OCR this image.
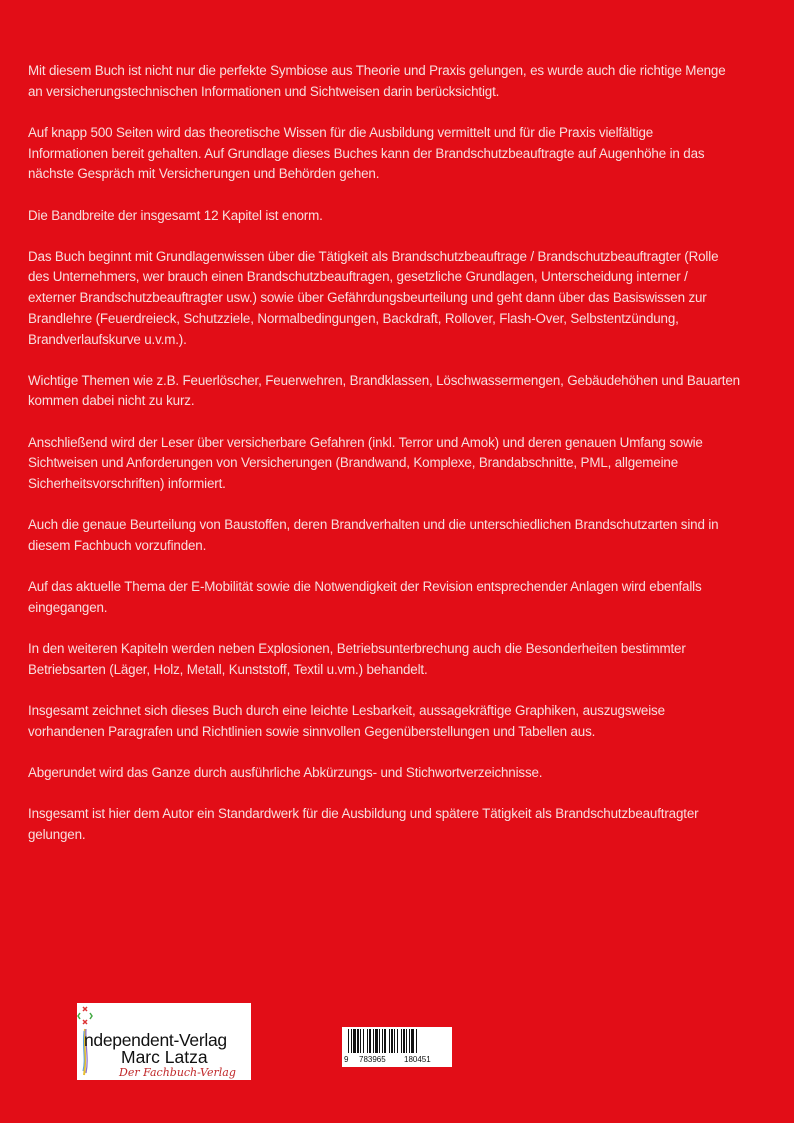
Mit diesem Buch ist nicht nur die perfekte Symbiose aus Theorie und Praxis gelungen, es wurde auch die richtige Menge
an versicherungstechnischen Informationen und Sichtweisen darin berücksichtigt.

Auf knapp 500 Seiten wird das theoretische Wissen für die Ausbildung vermittelt und für die Praxis vielfältige
Informationen bereit gehalten. Auf Grundlage dieses Buches kann der Brandschutzbeauftragte auf Augenhöhe in das
nächste Gespräch mit Versicherungen und Behörden gehen.

Die Bandbreite der insgesamt 12 Kapitel ist enorm.

Das Buch beginnt mit Grundlagenwissen über die Tätigkeit als Brandschutzbeauftrage / Brandschutzbeauftragter (Rolle
des Unternehmers, wer brauch einen Brandschutzbeauftragen, gesetzliche Grundlagen, Unterscheidung interner /
externer Brandschutzbeauftragter usw.) sowie über Gefährdungsbeurteilung und geht dann über das Basiswissen zur
Brandlehre (Feuerdreieck, Schutzziele, Normalbedingungen, Backdraft, Rollover, Flash-Over, Selbstentzündung,
Brandverlaufskurve u.v.m.).

Wichtige Themen wie z.B. Feuerlöscher, Feuerwehren, Brandklassen, Löschwassermengen, Gebäudehöhen und Bauarten
kommen dabei nicht zu kurz.

Anschließend wird der Leser über versicherbare Gefahren (inkl. Terror und Amok) und deren genauen Umfang sowie
Sichtweisen und Anforderungen von Versicherungen (Brandwand, Komplexe, Brandabschnitte, PML, allgemeine
Sicherheitsvorschriften) informiert.

Auch die genaue Beurteilung von Baustoffen, deren Brandverhalten und die unterschiedlichen Brandschutzarten sind in
diesem Fachbuch vorzufinden.

Auf das aktuelle Thema der E-Mobilität sowie die Notwendigkeit der Revision entsprechender Anlagen wird ebenfalls
eingegangen.

In den weiteren Kapiteln werden neben Explosionen, Betriebsunterbrechung auch die Besonderheiten bestimmter
Betriebsarten (Läger, Holz, Metall, Kunststoff, Textil u.vm.) behandelt.

Insgesamt zeichnet sich dieses Buch durch eine leichte Lesbarkeit, aussagekräftige Graphiken, auszugsweise
vorhandenen Paragrafen und Richtlinien sowie sinnvollen Gegenüberstellungen und Tabellen aus.

Abgerundet wird das Ganze durch ausführliche Abkürzungs- und Stichwortverzeichnisse.

Insgesamt ist hier dem Autor ein Standardwerk für die Ausbildung und spätere Tätigkeit als Brandschutzbeauftragter
gelungen.

ndependent-Verlag
Marc Latza
Der Fachbuch-Verlag
9 783965 180451
